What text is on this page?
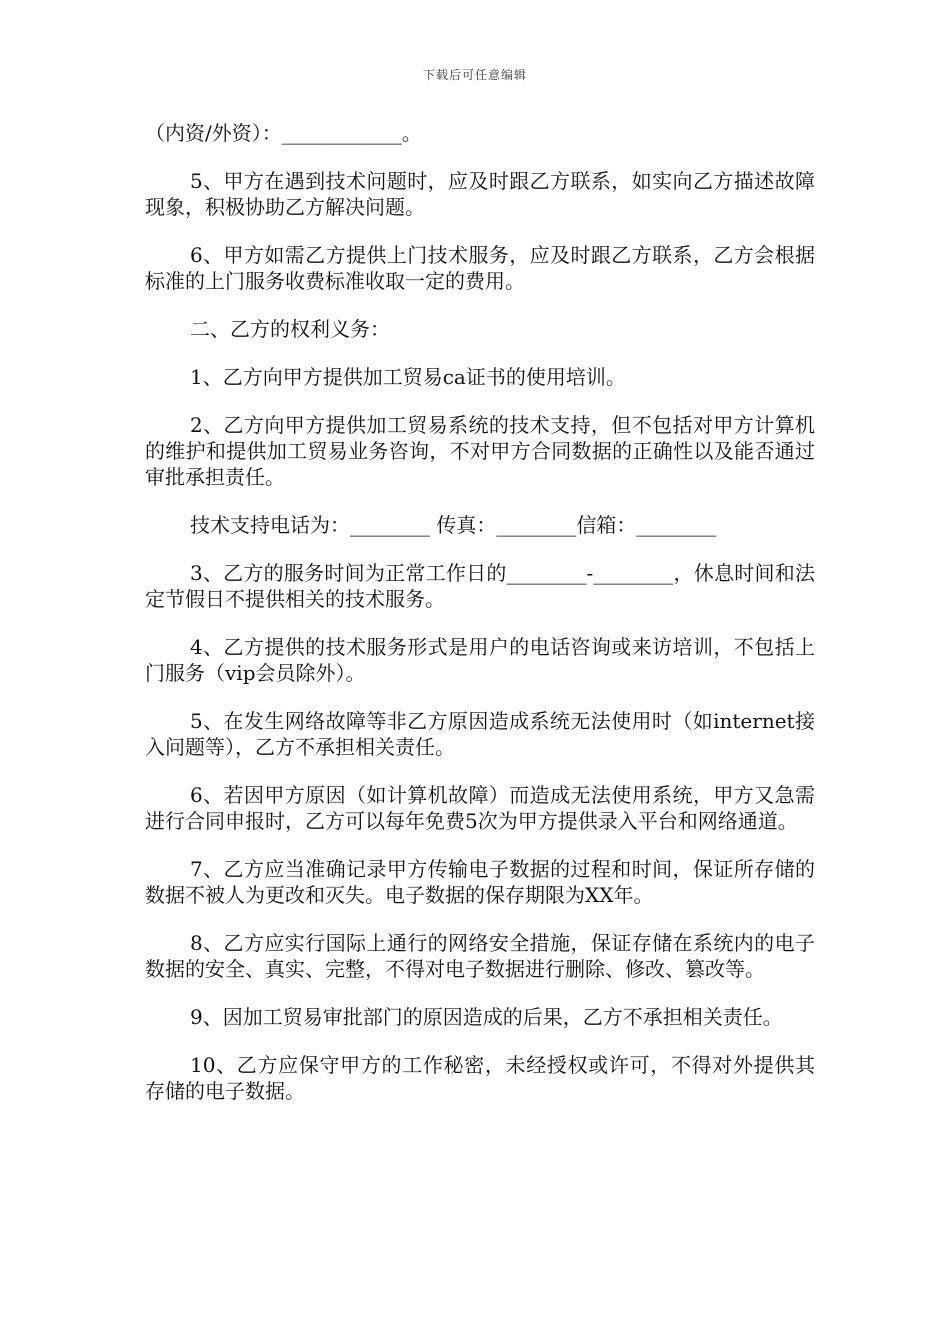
下载后可任意编辑

（内资/外资）：____________。

5、甲方在遇到技术问题时，应及时跟乙方联系，如实向乙方描述故障现象，积极协助乙方解决问题。

6、甲方如需乙方提供上门技术服务，应及时跟乙方联系，乙方会根据标准的上门服务收费标准收取一定的费用。

二、乙方的权利义务：

1、乙方向甲方提供加工贸易ca证书的使用培训。

2、乙方向甲方提供加工贸易系统的技术支持，但不包括对甲方计算机的维护和提供加工贸易业务咨询，不对甲方合同数据的正确性以及能否通过审批承担责任。

技术支持电话为：________ 传真：________信箱：________

3、乙方的服务时间为正常工作日的________-________，休息时间和法定节假日不提供相关的技术服务。

4、乙方提供的技术服务形式是用户的电话咨询或来访培训，不包括上门服务（vip会员除外）。

5、在发生网络故障等非乙方原因造成系统无法使用时（如internet接入问题等），乙方不承担相关责任。

6、若因甲方原因（如计算机故障）而造成无法使用系统，甲方又急需进行合同申报时，乙方可以每年免费5次为甲方提供录入平台和网络通道。

7、乙方应当准确记录甲方传输电子数据的过程和时间，保证所存储的数据不被人为更改和灭失。电子数据的保存期限为XX年。

8、乙方应实行国际上通行的网络安全措施，保证存储在系统内的电子数据的安全、真实、完整，不得对电子数据进行删除、修改、篡改等。

9、因加工贸易审批部门的原因造成的后果，乙方不承担相关责任。

10、乙方应保守甲方的工作秘密，未经授权或许可，不得对外提供其存储的电子数据。
